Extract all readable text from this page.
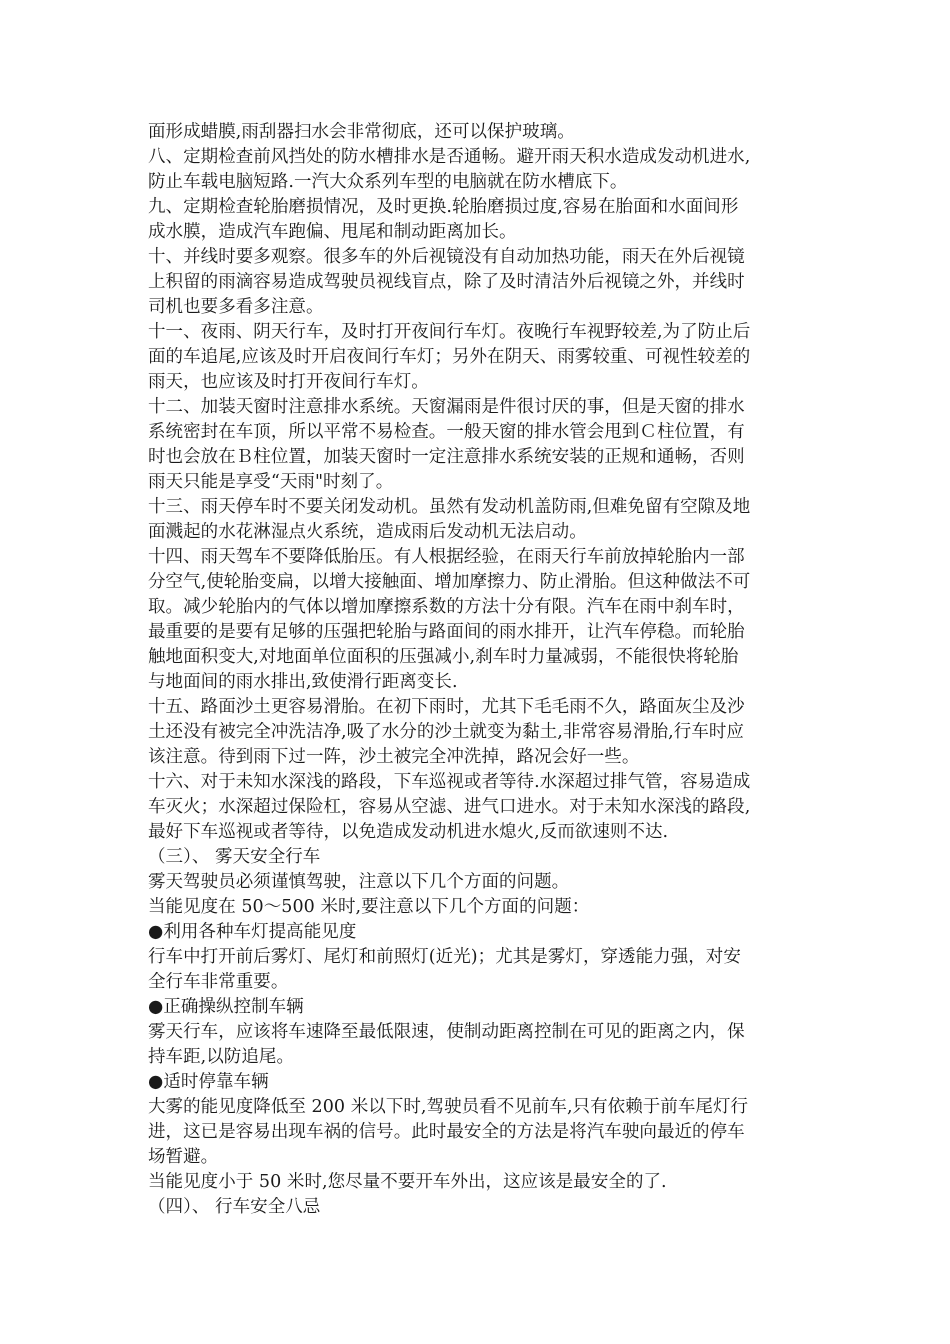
面形成蜡膜,雨刮器扫水会非常彻底，还可以保护玻璃。
八、定期检查前风挡处的防水槽排水是否通畅。避开雨天积水造成发动机进水,
防止车载电脑短路.一汽大众系列车型的电脑就在防水槽底下。
九、定期检查轮胎磨损情况，及时更换.轮胎磨损过度,容易在胎面和水面间形
成水膜，造成汽车跑偏、甩尾和制动距离加长。
十、并线时要多观察。很多车的外后视镜没有自动加热功能，雨天在外后视镜
上积留的雨滴容易造成驾驶员视线盲点，除了及时清洁外后视镜之外，并线时
司机也要多看多注意。
十一、夜雨、阴天行车，及时打开夜间行车灯。夜晚行车视野较差,为了防止后
面的车追尾,应该及时开启夜间行车灯；另外在阴天、雨雾较重、可视性较差的
雨天，也应该及时打开夜间行车灯。
十二、加装天窗时注意排水系统。天窗漏雨是件很讨厌的事，但是天窗的排水
系统密封在车顶，所以平常不易检查。一般天窗的排水管会甩到Ｃ柱位置，有
时也会放在Ｂ柱位置，加装天窗时一定注意排水系统安装的正规和通畅，否则
雨天只能是享受“天雨"时刻了。
十三、雨天停车时不要关闭发动机。虽然有发动机盖防雨,但难免留有空隙及地
面溅起的水花淋湿点火系统，造成雨后发动机无法启动。
十四、雨天驾车不要降低胎压。有人根据经验，在雨天行车前放掉轮胎内一部
分空气,使轮胎变扁，以增大接触面、增加摩擦力、防止滑胎。但这种做法不可
取。减少轮胎内的气体以增加摩擦系数的方法十分有限。汽车在雨中刹车时，
最重要的是要有足够的压强把轮胎与路面间的雨水排开，让汽车停稳。而轮胎
触地面积变大,对地面单位面积的压强减小,刹车时力量减弱，不能很快将轮胎
与地面间的雨水排出,致使滑行距离变长.
十五、路面沙土更容易滑胎。在初下雨时，尤其下毛毛雨不久，路面灰尘及沙
土还没有被完全冲洗洁净,吸了水分的沙土就变为黏土,非常容易滑胎,行车时应
该注意。待到雨下过一阵，沙土被完全冲洗掉，路况会好一些。
十六、对于未知水深浅的路段，下车巡视或者等待.水深超过排气管，容易造成
车灭火；水深超过保险杠，容易从空滤、进气口进水。对于未知水深浅的路段,
最好下车巡视或者等待，以免造成发动机进水熄火,反而欲速则不达.
（三）、 雾天安全行车
雾天驾驶员必须谨慎驾驶，注意以下几个方面的问题。
当能见度在 50～500 米时,要注意以下几个方面的问题：
●利用各种车灯提高能见度
行车中打开前后雾灯、尾灯和前照灯(近光)；尤其是雾灯，穿透能力强，对安
全行车非常重要。
●正确操纵控制车辆
雾天行车，应该将车速降至最低限速，使制动距离控制在可见的距离之内，保
持车距,以防追尾。
●适时停靠车辆
大雾的能见度降低至 200 米以下时,驾驶员看不见前车,只有依赖于前车尾灯行
进，这已是容易出现车祸的信号。此时最安全的方法是将汽车驶向最近的停车
场暂避。
当能见度小于 50 米时,您尽量不要开车外出，这应该是最安全的了.
（四）、 行车安全八忌
